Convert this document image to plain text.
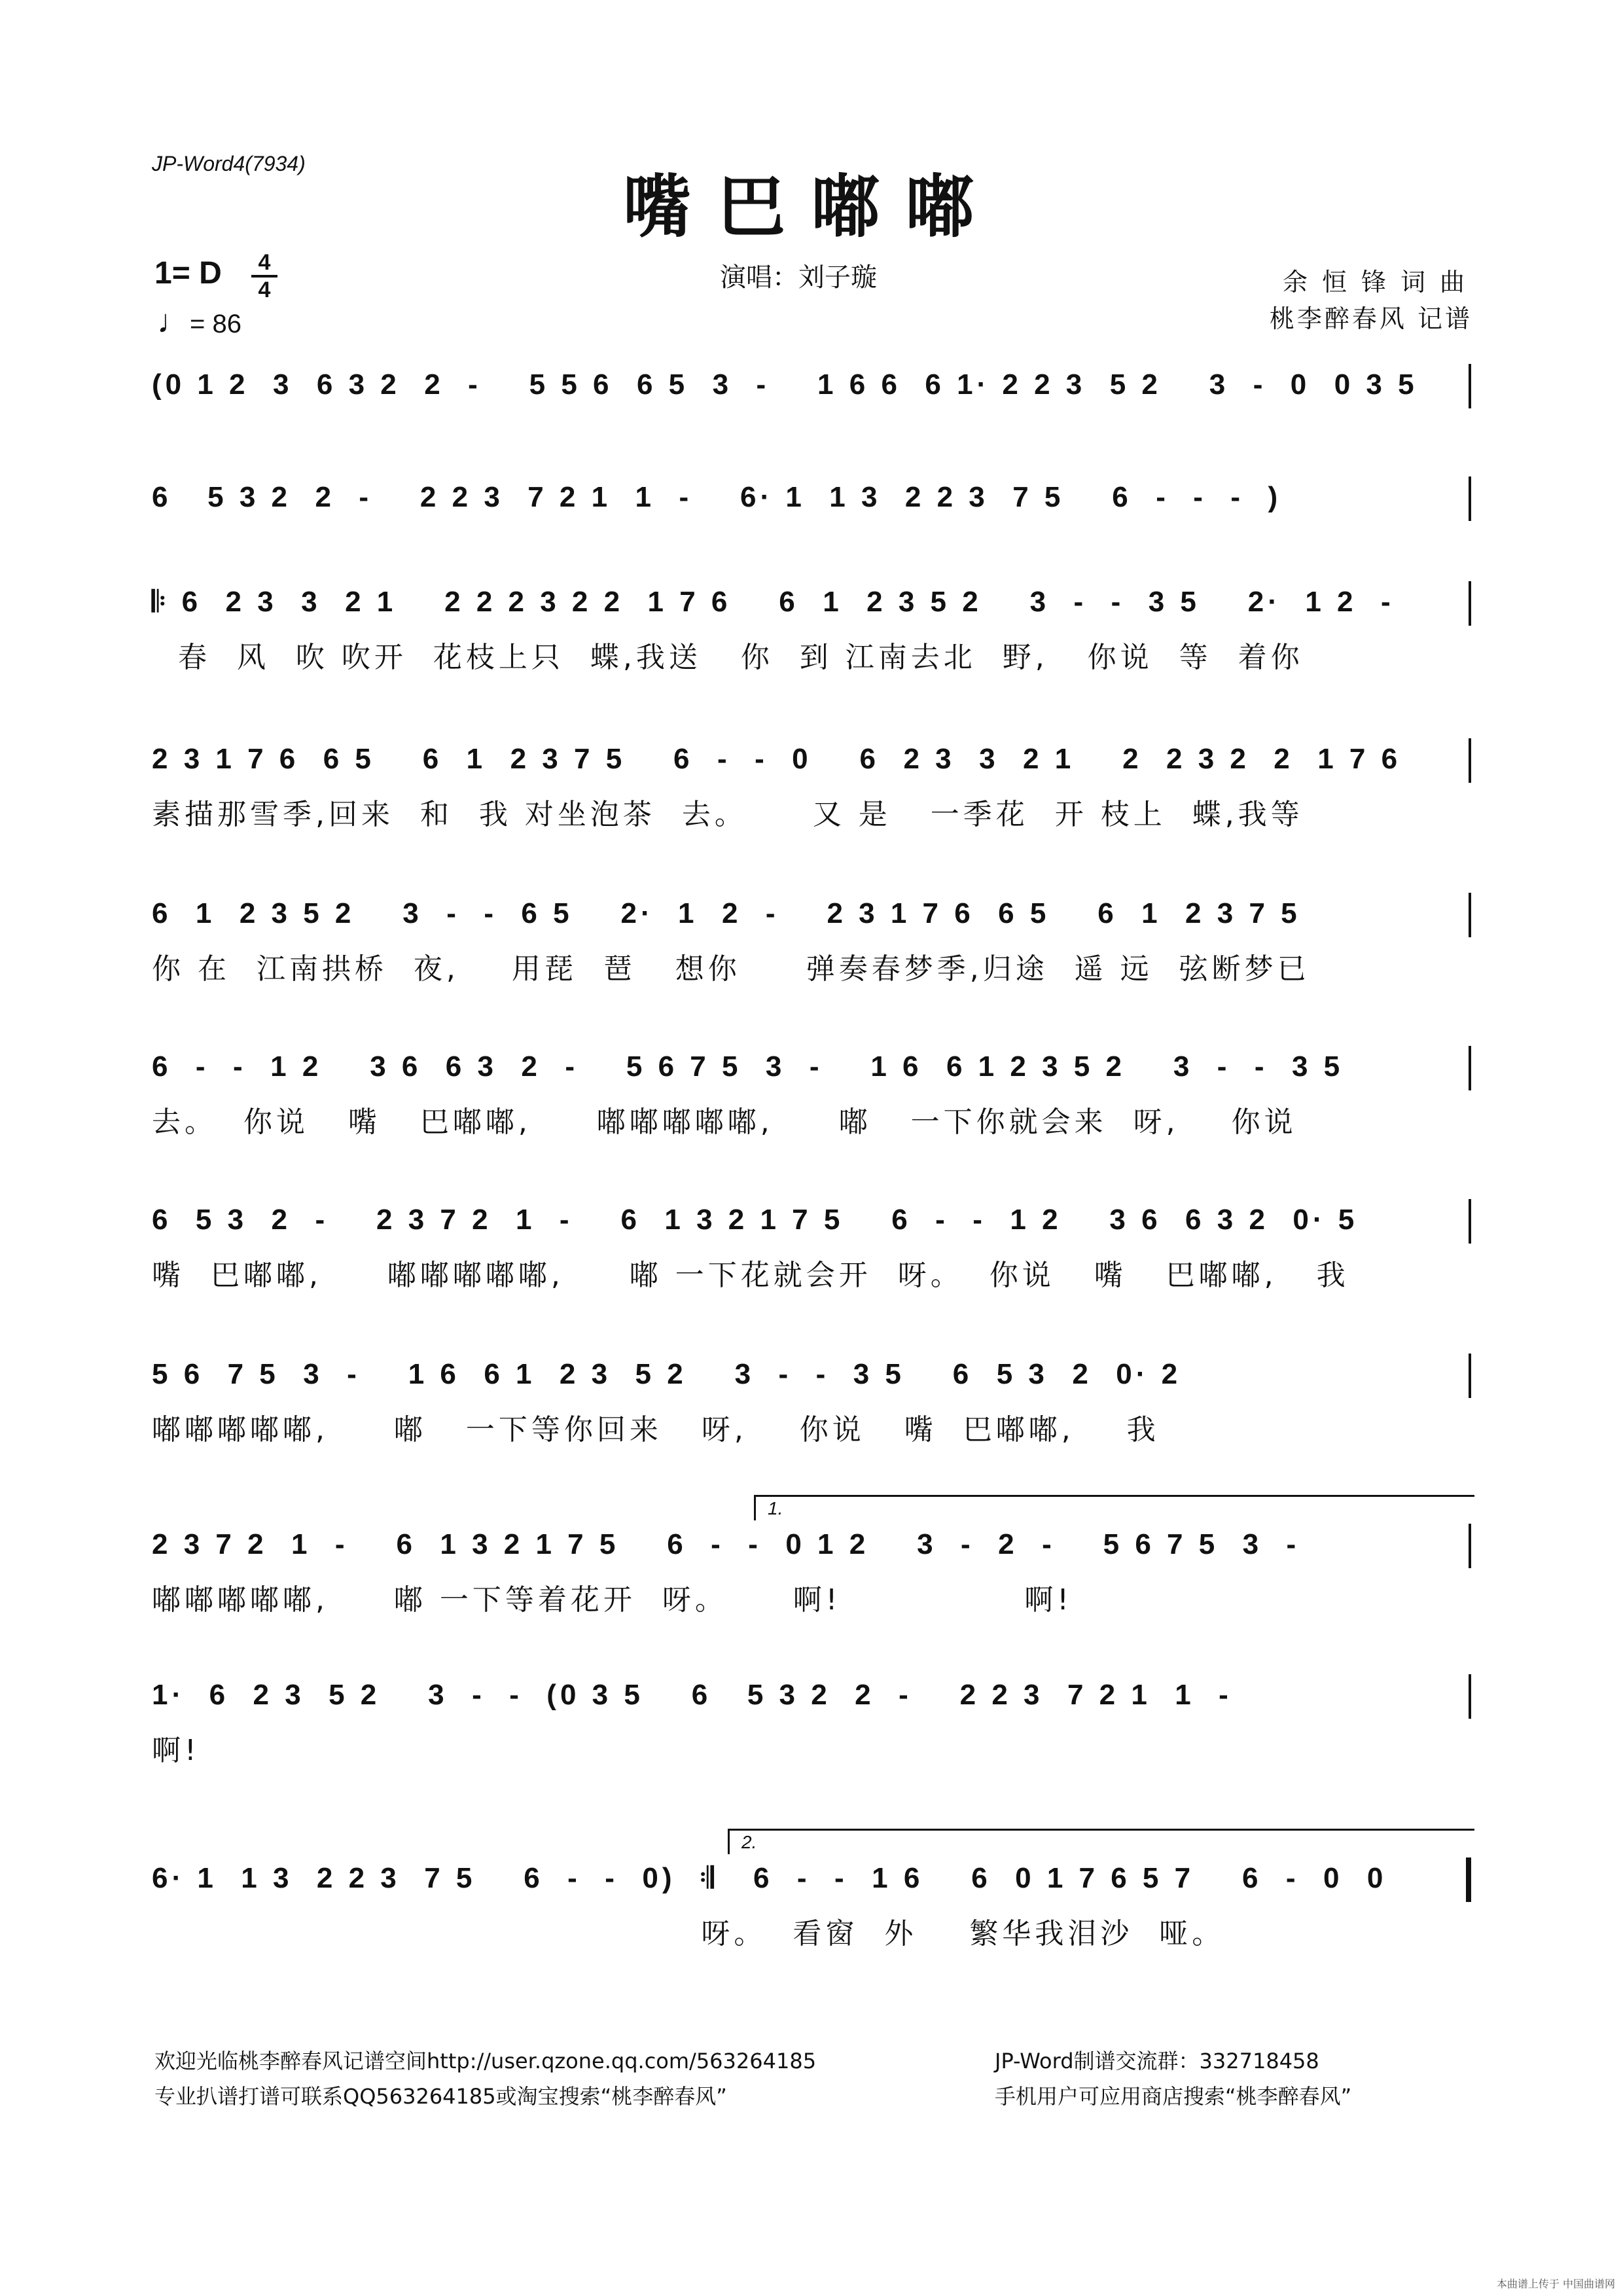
JP-Word4(7934)
嘴巴嘟嘟
1= D	4
4
♩= 86
演唱：刘子璇	余恒锋词曲
桃李醉春风 记谱
(0 1 2  3  6 3 2  2  -    5 5 6  6 5  3  -    1 6 6  6 1· 2 2 3  5 2    3  -  0  0 3 5
6   5 3 2  2  -    2 2 3  7 2 1  1  -    6· 1  1 3  2 2 3  7 5    6  -  -  -  )
𝄆 6  2 3  3  2 1    2 2 2 3 2 2  1 7 6    6  1  2 3 5 2    3  -  -  3 5    2·  1 2  -
春  风  吹 吹开  花枝上只  蝶,我送   你  到 江南去北  野,   你说  等  着你
2 3 1 7 6  6 5    6  1  2 3 7 5    6  -  -  0    6  2 3  3  2 1    2  2 3 2  2  1 7 6
素描那雪季,回来  和  我 对坐泡茶  去。     又 是   一季花  开 枝上  蝶,我等
6  1  2 3 5 2    3  -  -  6 5    2·  1  2  -    2 3 1 7 6  6 5    6  1  2 3 7 5
你 在  江南拱桥  夜,    用琵  琶   想你     弹奏春梦季,归途  遥 远  弦断梦已
6  -  -  1 2    3 6  6 3  2  -    5 6 7 5  3  -    1 6  6 1 2 3 5 2    3  -  -  3 5
去。  你说   嘴   巴嘟嘟,     嘟嘟嘟嘟嘟,     嘟   一下你就会来  呀,    你说
6  5 3  2  -    2 3 7 2  1  -    6  1 3 2 1 7 5    6  -  -  1 2    3 6  6 3 2  0· 5
嘴  巴嘟嘟,     嘟嘟嘟嘟嘟,     嘟 一下花就会开  呀。  你说   嘴   巴嘟嘟,   我
5 6  7 5  3  -    1 6  6 1  2 3  5 2    3  -  -  3 5    6  5 3  2  0· 2
嘟嘟嘟嘟嘟,     嘟   一下等你回来   呀,    你说   嘴  巴嘟嘟,    我
1.
2 3 7 2  1  -    6  1 3 2 1 7 5    6  -  -  0 1 2    3  -  2  -    5 6 7 5  3  -
嘟嘟嘟嘟嘟,     嘟 一下等着花开  呀。     啊!              啊!
1·  6  2 3  5 2    3  -  -  (0 3 5    6   5 3 2  2  -    2 2 3  7 2 1  1  -
啊!
2.
6· 1  1 3  2 2 3  7 5    6  -  -  0)  𝄇   6  -  -  1 6    6  0 1 7 6 5 7    6  -  0  0
呀。  看窗  外    繁华我泪沙  哑。
欢迎光临桃李醉春风记谱空间http://user.qzone.qq.com/563264185	JP-Word制谱交流群：332718458
专业扒谱打谱可联系QQ563264185或淘宝搜索“桃李醉春风”	手机用户可应用商店搜索“桃李醉春风”
本曲谱上传于 中国曲谱网
